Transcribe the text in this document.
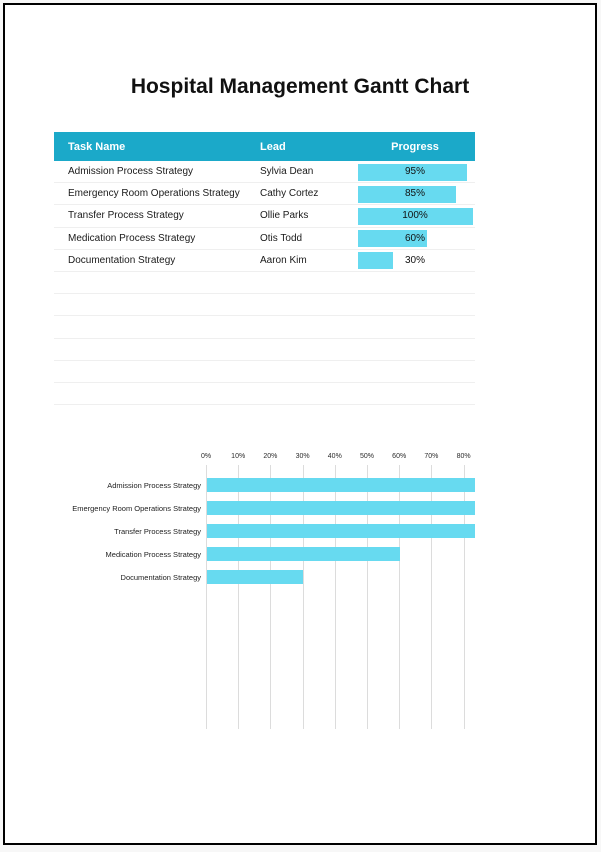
Hospital Management Gantt Chart
Task Name	Lead	Progress
Admission Process Strategy	Sylvia Dean	95%
Emergency Room Operations Strategy	Cathy Cortez	85%
Transfer Process Strategy	Ollie Parks	100%
Medication Process Strategy	Otis Todd	60%
Documentation Strategy	Aaron Kim	30%
0%	10%	20%	30%	40%	50%	60%	70%	80%
Admission Process Strategy
Emergency Room Operations Strategy
Transfer Process Strategy
Medication Process Strategy
Documentation Strategy
